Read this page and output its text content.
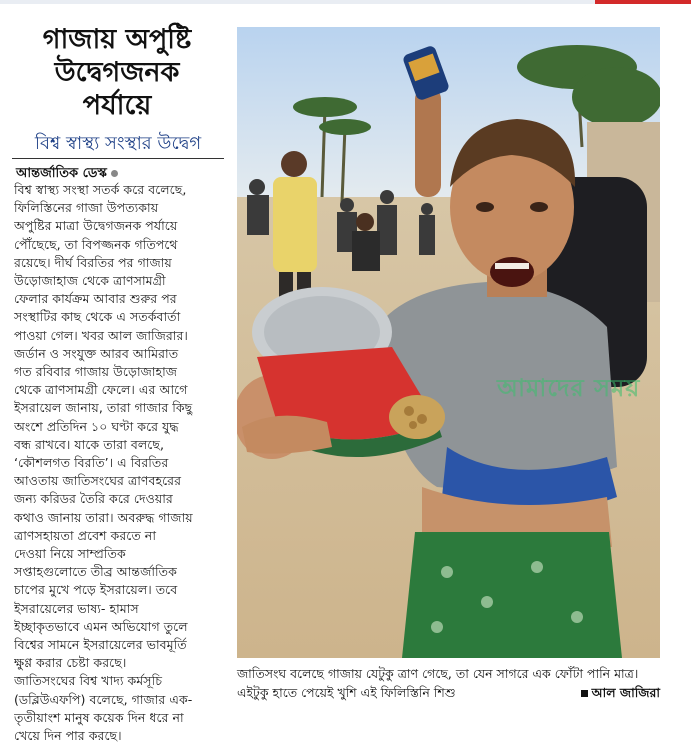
গাজায় অপুষ্টি
উদ্বেগজনক
পর্যায়ে
বিশ্ব স্বাস্থ্য সংস্থার উদ্বেগ
আন্তর্জাতিক ডেস্ক
বিশ্ব স্বাস্থ্য সংস্থা সতর্ক করে বলেছে,
ফিলিস্তিনের গাজা উপত্যকায়
অপুষ্টির মাত্রা উদ্বেগজনক পর্যায়ে
পৌঁছেছে, তা বিপজ্জনক গতিপথে
রয়েছে। দীর্ঘ বিরতির পর গাজায়
উড়োজাহাজ থেকে ত্রাণসামগ্রী
ফেলার কার্যক্রম আবার শুরুর পর
সংস্থাটির কাছ থেকে এ সতর্কবার্তা
পাওয়া গেল। খবর আল জাজিরার।
জর্ডান ও সংযুক্ত আরব আমিরাত
গত রবিবার গাজায় উড়োজাহাজ
থেকে ত্রাণসামগ্রী ফেলে। এর আগে
ইসরায়েল জানায়, তারা গাজার কিছু
অংশে প্রতিদিন ১০ ঘণ্টা করে যুদ্ধ
বন্ধ রাখবে। যাকে তারা বলছে,
‘কৌশলগত বিরতি’। এ বিরতির
আওতায় জাতিসংঘের ত্রাণবহরের
জন্য করিডর তৈরি করে দেওয়ার
কথাও জানায় তারা। অবরুদ্ধ গাজায়
ত্রাণসহায়তা প্রবেশ করতে না
দেওয়া নিয়ে সাম্প্রতিক
সপ্তাহগুলোতে তীব্র আন্তর্জাতিক
চাপের মুখে পড়ে ইসরায়েল। তবে
ইসরায়েলের ভাষ্য- হামাস
ইচ্ছাকৃতভাবে এমন অভিযোগ তুলে
বিশ্বের সামনে ইসরায়েলের ভাবমূর্তি
ক্ষুণ্ণ করার চেষ্টা করছে।
জাতিসংঘের বিশ্ব খাদ্য কর্মসূচি
(ডব্লিউএফপি) বলেছে, গাজার এক-
তৃতীয়াংশ মানুষ কয়েক দিন ধরে না
খেয়ে দিন পার করছে।
আমাদের সময়
জাতিসংঘ বলেছে গাজায় যেটুকু ত্রাণ গেছে, তা যেন সাগরে এক ফোঁটা পানি মাত্র।
এইটুকু হাতে পেয়েই খুশি এই ফিলিস্তিনি শিশু	আল জাজিরা
